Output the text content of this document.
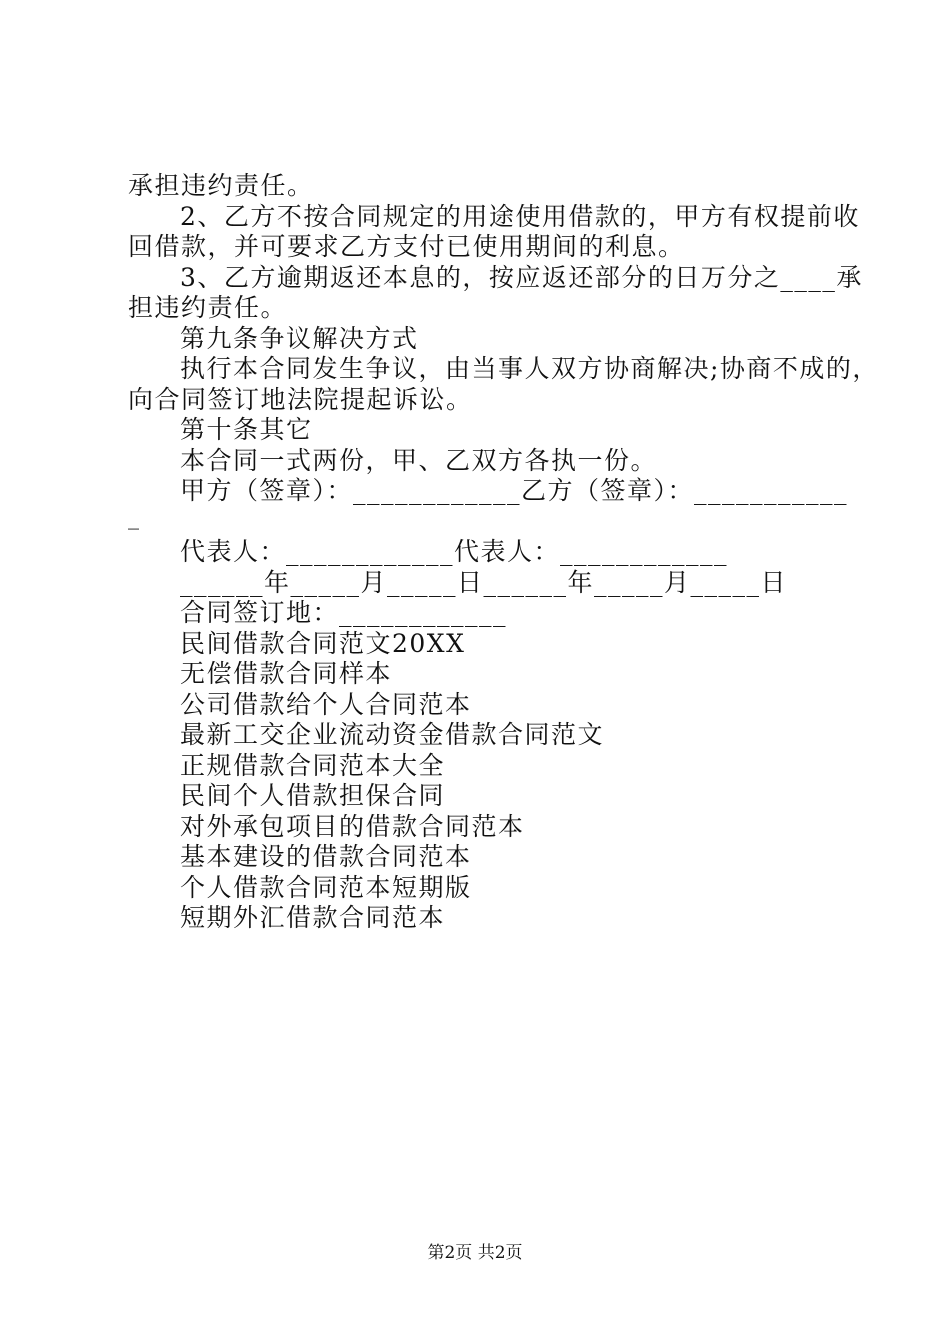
承担违约责任。
2、乙方不按合同规定的用途使用借款的，甲方有权提前收
回借款，并可要求乙方支付已使用期间的利息。
3、乙方逾期返还本息的，按应返还部分的日万分之____承
担违约责任。
第九条争议解决方式
执行本合同发生争议，由当事人双方协商解决;协商不成的，
向合同签订地法院提起诉讼。
第十条其它
本合同一式两份，甲、乙双方各执一份。
甲方（签章）：____________乙方（签章）：___________
_
代表人：____________代表人：____________
______年_____月_____日______年_____月_____日
合同签订地：____________
民间借款合同范文20XX
无偿借款合同样本
公司借款给个人合同范本
最新工交企业流动资金借款合同范文
正规借款合同范本大全
民间个人借款担保合同
对外承包项目的借款合同范本
基本建设的借款合同范本
个人借款合同范本短期版
短期外汇借款合同范本
第2页 共2页
